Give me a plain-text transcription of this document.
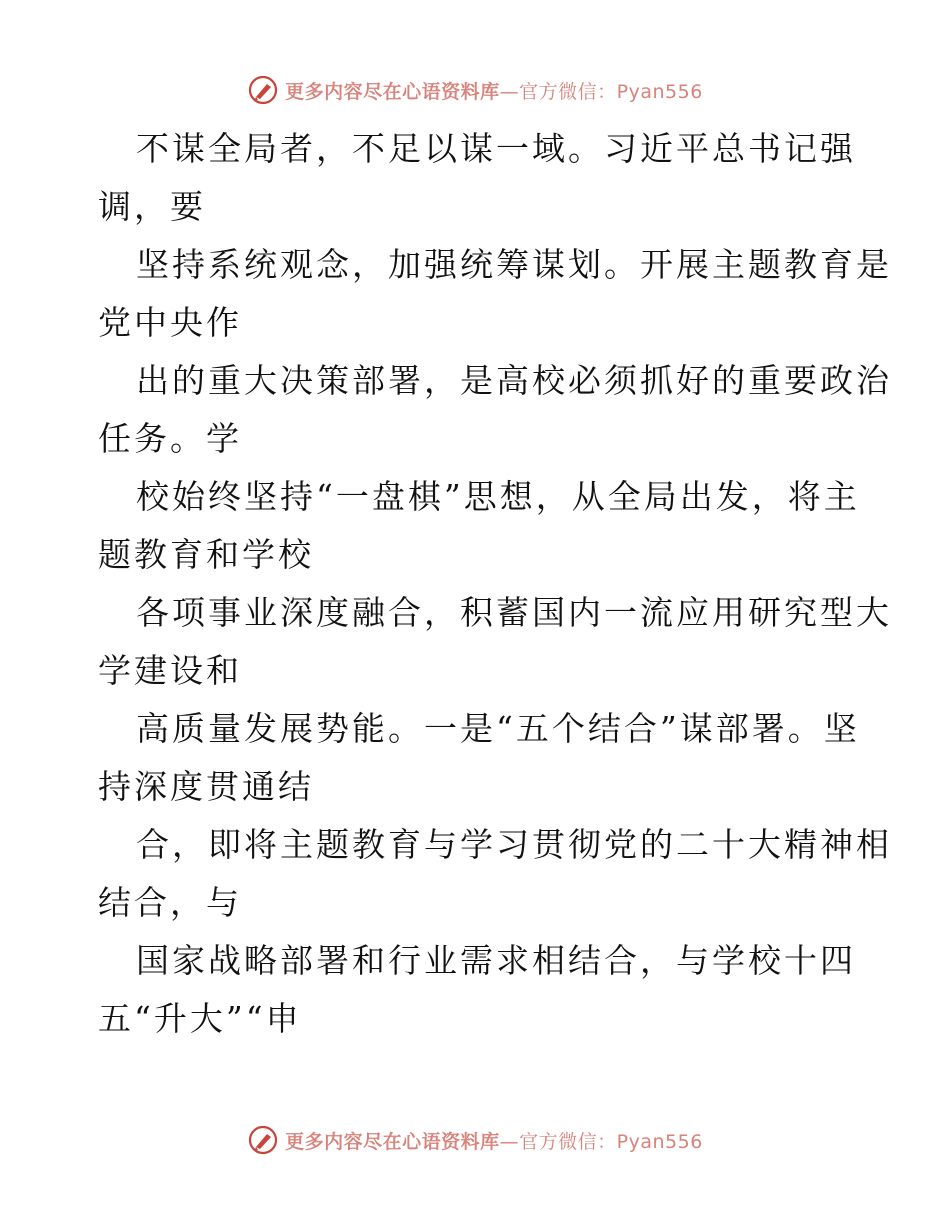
更多内容尽在心语资料库—官方微信：Pyan556
不谋全局者，不足以谋一域。习近平总书记强
调，要
坚持系统观念，加强统筹谋划。开展主题教育是
党中央作
出的重大决策部署，是高校必须抓好的重要政治
任务。学
校始终坚持“一盘棋”思想，从全局出发，将主
题教育和学校
各项事业深度融合，积蓄国内一流应用研究型大
学建设和
高质量发展势能。一是“五个结合”谋部署。坚
持深度贯通结
合，即将主题教育与学习贯彻党的二十大精神相
结合，与
国家战略部署和行业需求相结合，与学校十四
五“升大”“申
更多内容尽在心语资料库—官方微信：Pyan556
